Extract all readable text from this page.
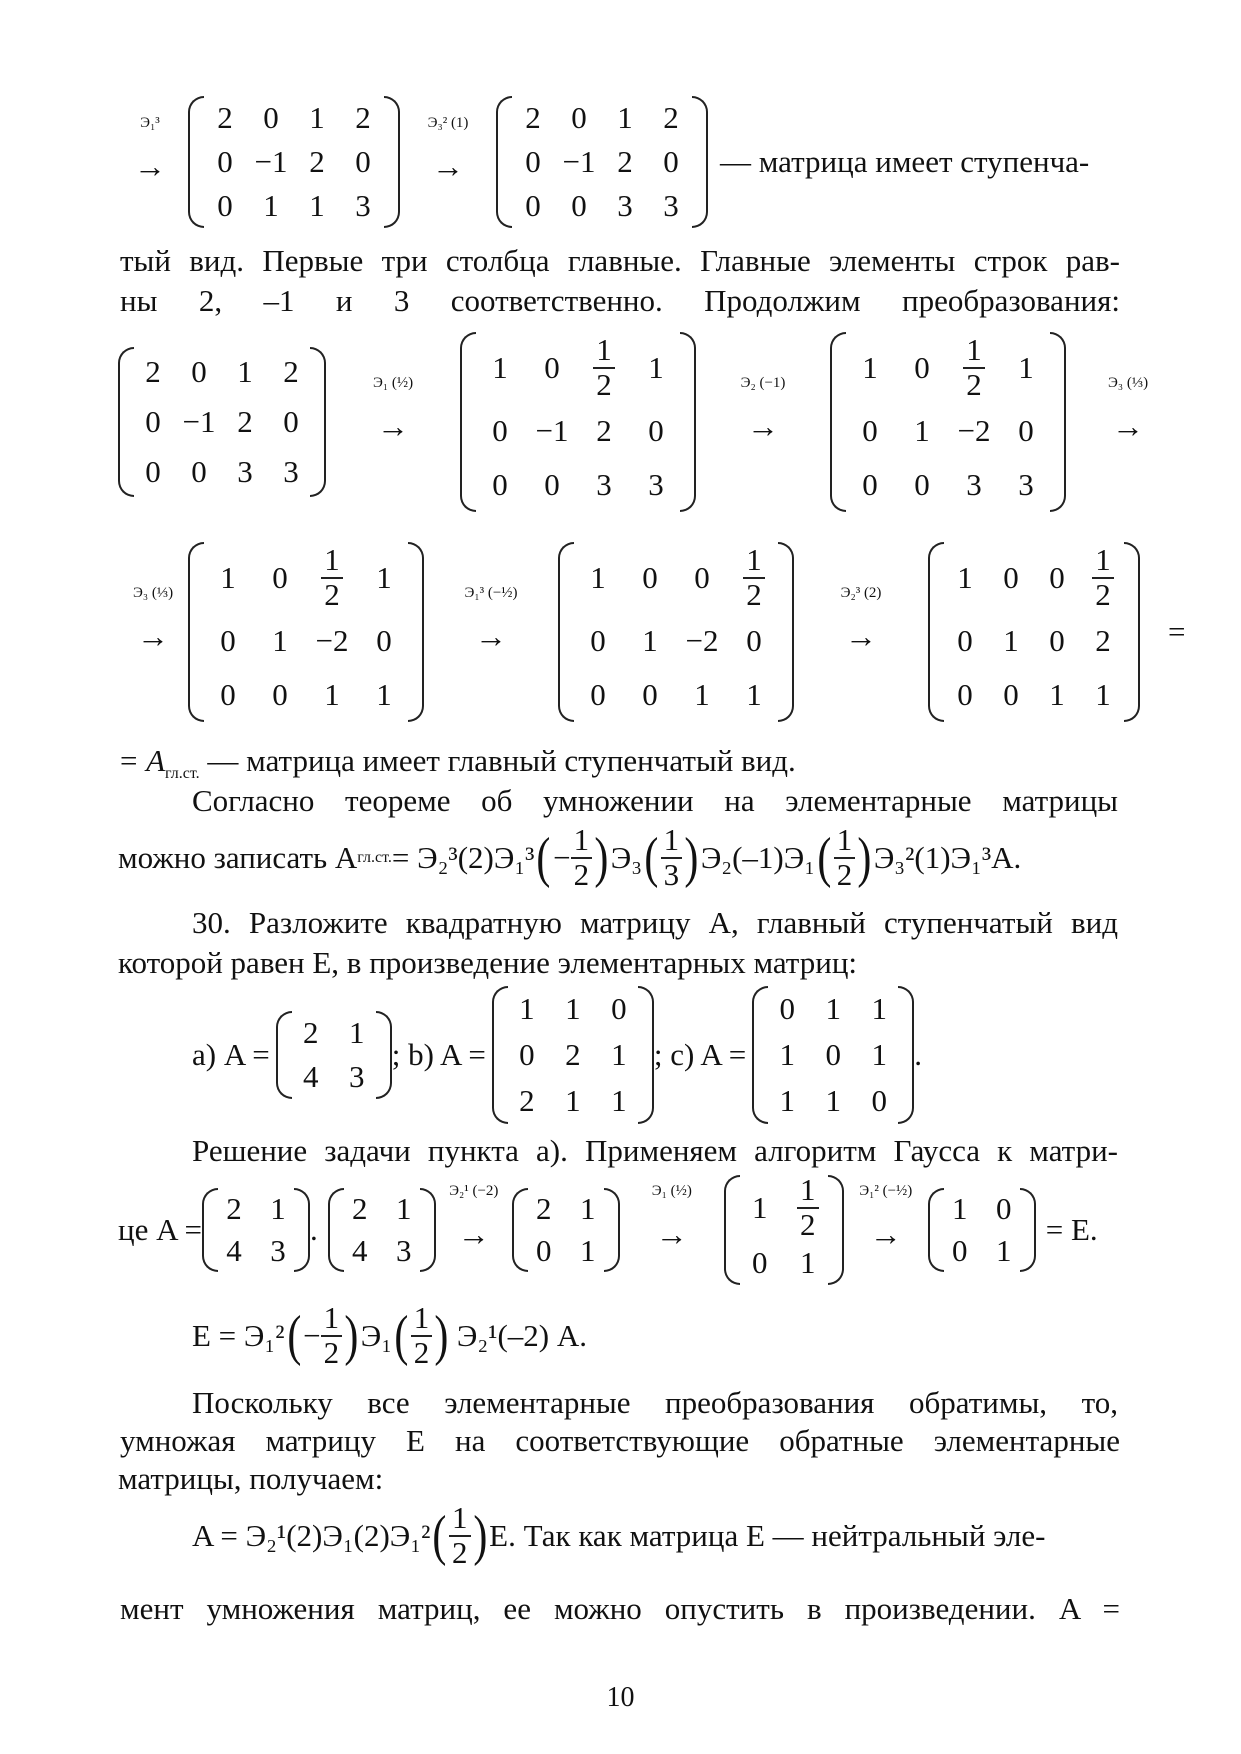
Э₁³
→
2 0 1 2
0 −1 2 0
0 1 1 3
Э₃² (1)
→
2 0 1 2
0 −1 2 0
0 0 3 3
— матрица имеет ступенча-
тый вид. Первые три столбца главные. Главные элементы строк рав-
ны 2, –1 и 3 соответственно. Продолжим преобразования:
2 0 1 2
0 −1 2 0
0 0 3 3
Э₁ (½)
→
1 $0 \frac{1}{2} 1$
0 −1 2 0
0 0 3 3
Э₂ (−1)
→
1 $0 \frac{1}{2} 1$
0 1 −2 0
0 0 3 3
Э₃ (⅓)
→
Э₃ (⅓)
→
1 $0 \frac{1}{2} 1$
0 1 −2 0
0 0 1 1
Э₁³ (−½)
→
1 0 $0 \frac{1}{2}$
0 1 −2 0
0 0 1 1
Э₂³ (2)
→
1 0 $0 \frac{1}{2}$
0 1 0 2
0 0 1 1
=
= $A_{гл.ст.}$ — матрица имеет главный ступенчатый вид.
Согласно теореме об умножении на элементарные матрицы
можно записать A гл.ст. = Э₂³(2)Э₁³ ( − $\frac{1}{2}$ ) Э₃ ( $\frac{1}{3}$ ) Э₂(–1)Э₁ ( $\frac{1}{2}$ ) Э₃²(1)Э₁³A.
30. Разложите квадратную матрицу A, главный ступенчатый вид
которой равен E, в произведение элементарных матриц:
а) A =
2 1
4 3
; b) A =
1 1 0
0 2 1
2 1 1
; c) A =
0 1 1
1 0 1
1 1 0
.
Решение задачи пункта а). Применяем алгоритм Гаусса к матри-
це A =
2 1
4 3
.
2 1
4 3
Э₂¹ (−2)
→
2 1
0 1
Э₁ (½)
→
$1 \frac{1}{2}$
0 1
Э₁² (−½)
→
1 0
0 1
= E.
E = Э₁² ( − $\frac{1}{2}$ ) Э₁ ( $\frac{1}{2}$ ) Э₂¹(–2) A.
Поскольку все элементарные преобразования обратимы, то,
умножая матрицу E на соответствующие обратные элементарные
матрицы, получаем:
A = Э₂¹(2)Э₁(2)Э₁² ( $\frac{1}{2}$ ) E. Так как матрица E — нейтральный эле-
мент умножения матриц, ее можно опустить в произведении. A =
10
